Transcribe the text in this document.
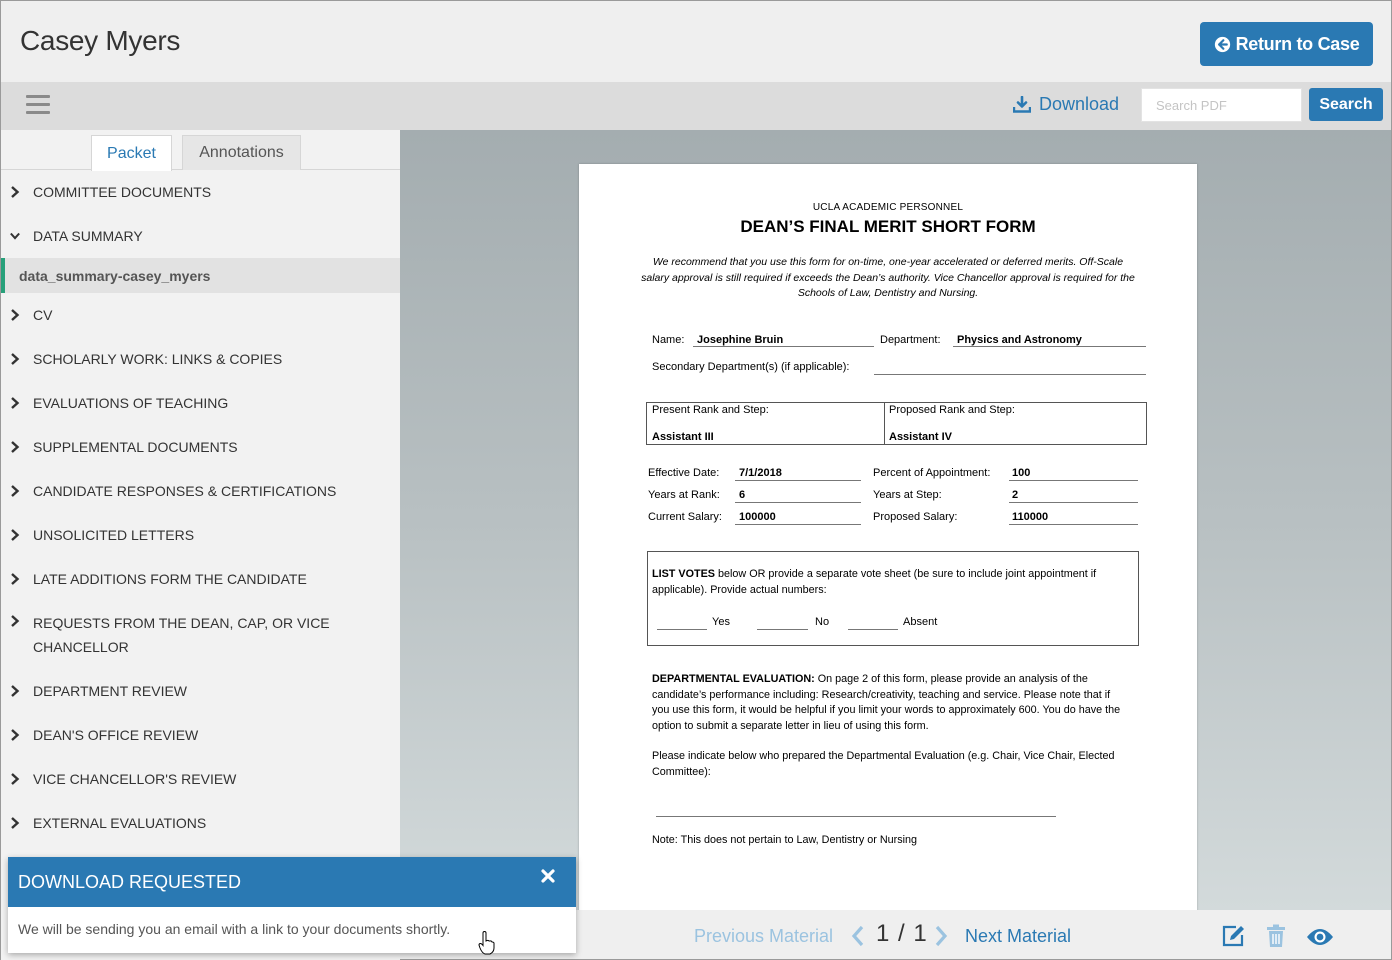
Casey Myers	Return to Case
Download
Search PDF	Search
Packet	Annotations
COMMITTEE DOCUMENTS
DATA SUMMARY
data_summary-casey_myers
CV
SCHOLARLY WORK: LINKS & COPIES
EVALUATIONS OF TEACHING
SUPPLEMENTAL DOCUMENTS
CANDIDATE RESPONSES & CERTIFICATIONS
UNSOLICITED LETTERS
LATE ADDITIONS FORM THE CANDIDATE
REQUESTS FROM THE DEAN, CAP, OR VICE CHANCELLOR
DEPARTMENT REVIEW
DEAN'S OFFICE REVIEW
VICE CHANCELLOR'S REVIEW
EXTERNAL EVALUATIONS
UCLA ACADEMIC PERSONNEL
DEAN’S FINAL MERIT SHORT FORM
We recommend that you use this form for on-time, one-year accelerated or deferred merits. Off-Scale salary approval is still required if exceeds the Dean’s authority. Vice Chancellor approval is required for the Schools of Law, Dentistry and Nursing.
Name: Josephine Bruin	Department: Physics and Astronomy
Secondary Department(s) (if applicable):
Present Rank and Step:
Assistant III
Proposed Rank and Step:
Assistant IV
Effective Date: 7/1/2018	Percent of Appointment: 100
Years at Rank: 6	Years at Step:	2
Current Salary: 100000	Proposed Salary:	110000
LIST VOTES below OR provide a separate vote sheet (be sure to include joint appointment if applicable). Provide actual numbers:
Yes	No	Absent
DEPARTMENTAL EVALUATION: On page 2 of this form, please provide an analysis of the candidate’s performance including: Research/creativity, teaching and service. Please note that if you use this form, it would be helpful if you limit your words to approximately 600. You do have the option to submit a separate letter in lieu of using this form.
Please indicate below who prepared the Departmental Evaluation (e.g. Chair, Vice Chair, Elected Committee):
Note: This does not pertain to Law, Dentistry or Nursing
Previous Material 1 / 1 Next Material
DOWNLOAD REQUESTED
We will be sending you an email with a link to your documents shortly.
